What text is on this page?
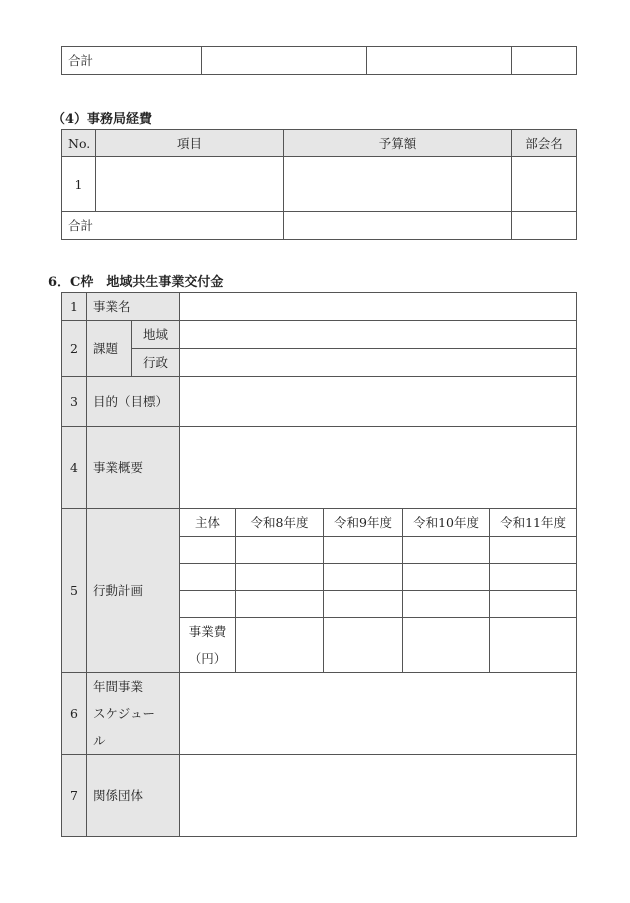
合計			
（4）事務局経費
No.	項目	予算額	部会名
1			
合計			
6．C枠　地域共生事業交付金
1	事業名						
2	課題	地域					
		行政					
3	目的（目標）						
4	事業概要						
5	行動計画		主体	令和8年度	令和9年度	令和10年度	令和11年度

			事業費
（円）				

6	年間事業
スケジュー
ル						

7	関係団体						
